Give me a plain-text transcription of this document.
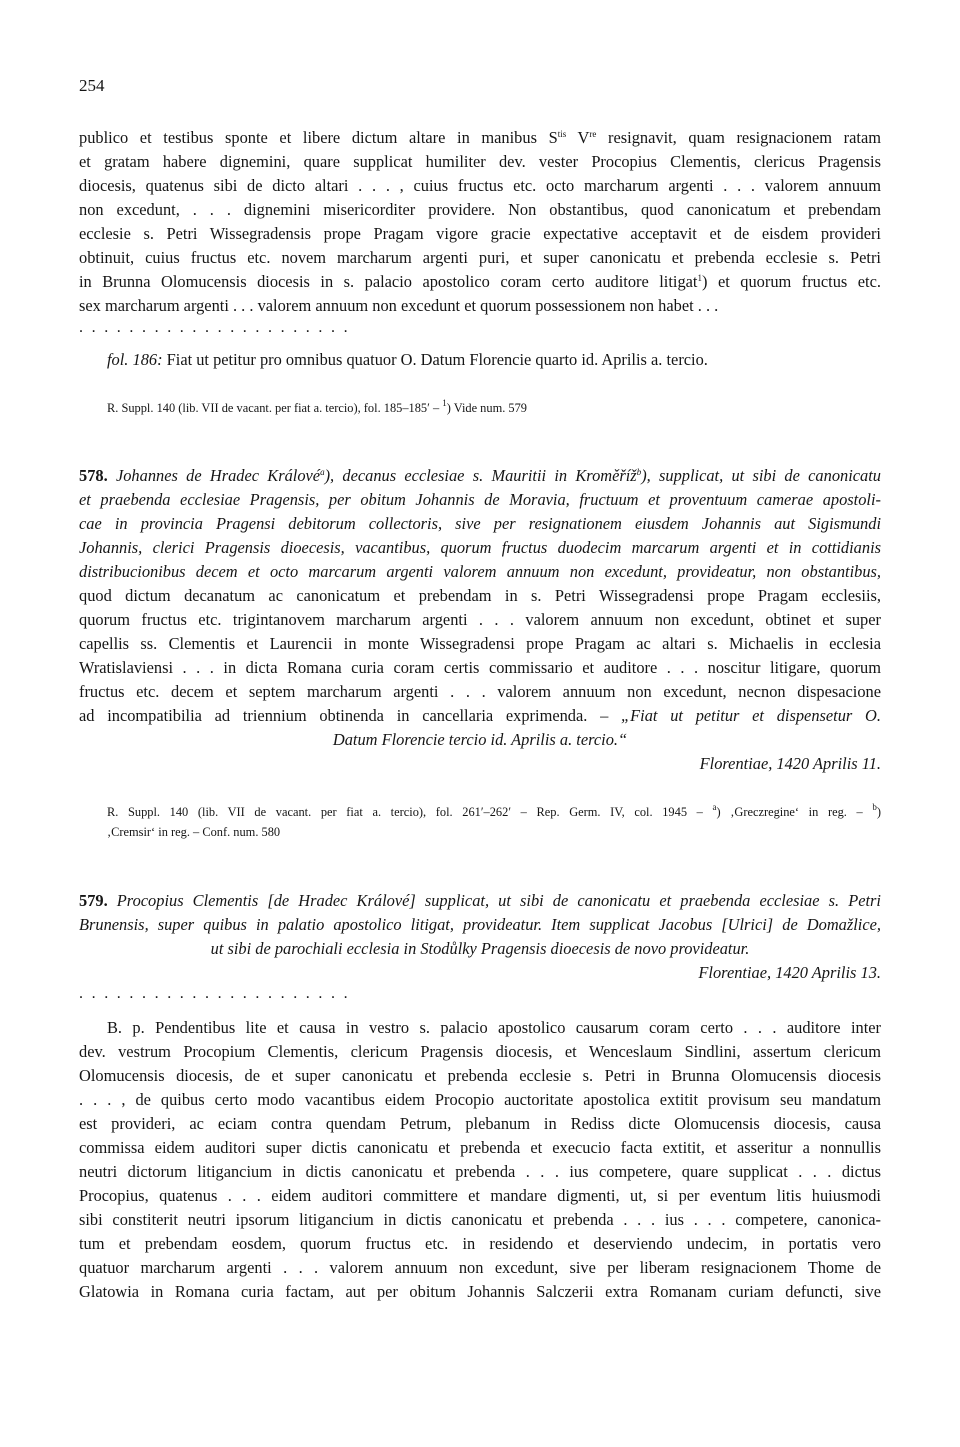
254
publico et testibus sponte et libere dictum altare in manibus $S^{tis}$ Vre resignavit, quam resignacionem ratam
et gratam habere dignemini, quare supplicat humiliter dev. vester Procopius Clementis, clericus Pragensis
diocesis, quatenus sibi de dicto altari . . . , cuius fructus etc. octo marcharum argenti . . . valorem annuum
non excedunt, . . . dignemini misericorditer providere. Non obstantibus, quod canonicatum et prebendam
ecclesie s. Petri Wissegradensis prope Pragam vigore gracie expectative acceptavit et de eisdem provideri
obtinuit, cuius fructus etc. novem marcharum argenti puri, et super canonicatu et prebenda ecclesie s. Petri
in Brunna Olomucensis diocesis in s. palacio apostolico coram certo auditore litigat$^1$) et quorum fructus etc.
sex marcharum argenti . . . valorem annuum non excedunt et quorum possessionem non habet . . .
. . . . . . . . . . . . . . . . . . . . . .
fol. 186: Fiat ut petitur pro omnibus quatuor O. Datum Florencie quarto id. Aprilis a. tercio.
R. Suppl. 140 (lib. VII de vacant. per fiat a. tercio), fol. 185–185′ – $^1$) Vide num. 579
578. Johannes de Hradec Králové$^a$), decanus ecclesiae s. Mauritii in Kroměříž$^b$), supplicat, ut sibi de canonicatu
et praebenda ecclesiae Pragensis, per obitum Johannis de Moravia, fructuum et proventuum camerae apostoli-
cae in provincia Pragensi debitorum collectoris, sive per resignationem eiusdem Johannis aut Sigismundi
Johannis, clerici Pragensis dioecesis, vacantibus, quorum fructus duodecim marcarum argenti et in cottidianis
distribucionibus decem et octo marcarum argenti valorem annuum non excedunt, provideatur, non obstantibus,
quod dictum decanatum ac canonicatum et prebendam in s. Petri Wissegradensi prope Pragam ecclesiis,
quorum fructus etc. trigintanovem marcharum argenti . . . valorem annuum non excedunt, obtinet et super
capellis ss. Clementis et Laurencii in monte Wissegradensi prope Pragam ac altari s. Michaelis in ecclesia
Wratislaviensi . . . in dicta Romana curia coram certis commissario et auditore . . . noscitur litigare, quorum
fructus etc. decem et septem marcharum argenti . . . valorem annuum non excedunt, necnon dispesacione
ad incompatibilia ad triennium obtinenda in cancellaria exprimenda. – „Fiat ut petitur et dispensetur O.
Datum Florencie tercio id. Aprilis a. tercio.“
Florentiae, 1420 Aprilis 11.
R. Suppl. 140 (lib. VII de vacant. per fiat a. tercio), fol. 261′–262′ – Rep. Germ. IV, col. 1945 – $^a$) ‚Greczregine‘ in reg. – $^b$)
‚Cremsir‘ in reg. – Conf. num. 580
579. Procopius Clementis [de Hradec Králové] supplicat, ut sibi de canonicatu et praebenda ecclesiae s. Petri
Brunensis, super quibus in palatio apostolico litigat, provideatur. Item supplicat Jacobus [Ulrici] de Domažlice,
ut sibi de parochiali ecclesia in Stodůlky Pragensis dioecesis de novo provideatur.
Florentiae, 1420 Aprilis 13.
. . . . . . . . . . . . . . . . . . . . . .
B. p. Pendentibus lite et causa in vestro s. palacio apostolico causarum coram certo . . . auditore inter
dev. vestrum Procopium Clementis, clericum Pragensis diocesis, et Wenceslaum Sindlini, assertum clericum
Olomucensis diocesis, de et super canonicatu et prebenda ecclesie s. Petri in Brunna Olomucensis diocesis
. . . , de quibus certo modo vacantibus eidem Procopio auctoritate apostolica extitit provisum seu mandatum
est provideri, ac eciam contra quendam Petrum, plebanum in Rediss dicte Olomucensis diocesis, causa
commissa eidem auditori super dictis canonicatu et prebenda et execucio facta extitit, et asseritur a nonnullis
neutri dictorum litigancium in dictis canonicatu et prebenda . . . ius competere, quare supplicat . . . dictus
Procopius, quatenus . . . eidem auditori committere et mandare digmenti, ut, si per eventum litis huiusmodi
sibi constiterit neutri ipsorum litigancium in dictis canonicatu et prebenda . . . ius . . . competere, canonica-
tum et prebendam eosdem, quorum fructus etc. in residendo et deserviendo undecim, in portatis vero
quatuor marcharum argenti . . . valorem annuum non excedunt, sive per liberam resignacionem Thome de
Glatowia in Romana curia factam, aut per obitum Johannis Salczerii extra Romanam curiam defuncti, sive
